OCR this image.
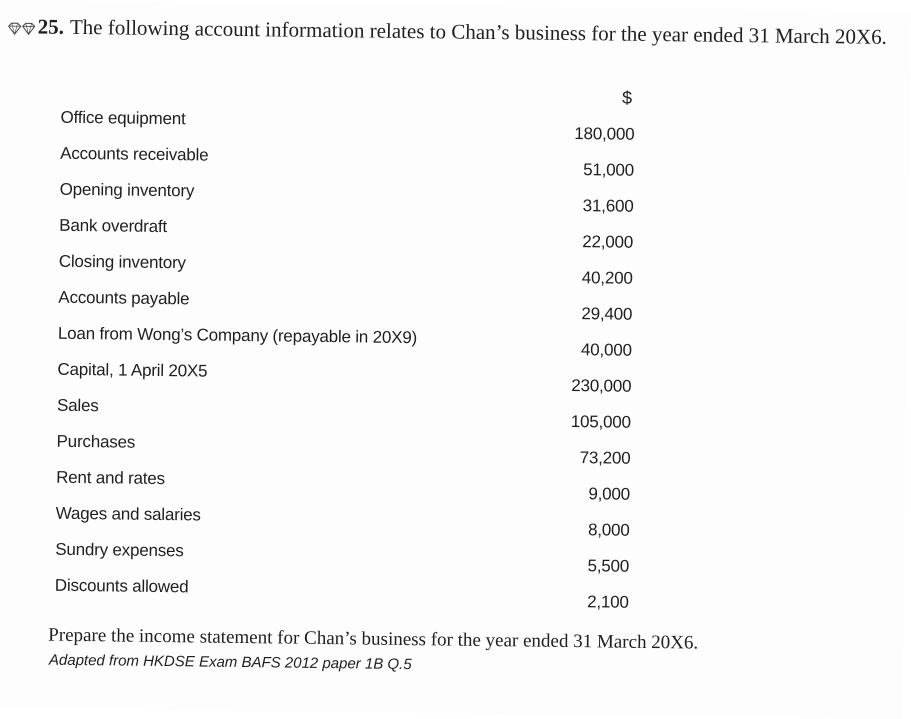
25. The following account information relates to Chan’s business for the year ended 31 March 20X6.
$
Office equipment
180,000
Accounts receivable
51,000
Opening inventory
31,600
Bank overdraft
22,000
Closing inventory
40,200
Accounts payable
29,400
Loan from Wong’s Company (repayable in 20X9)
40,000
Capital, 1 April 20X5
230,000
Sales
105,000
Purchases
73,200
Rent and rates
9,000
Wages and salaries
8,000
Sundry expenses
5,500
Discounts allowed
2,100
Prepare the income statement for Chan’s business for the year ended 31 March 20X6.
Adapted from HKDSE Exam BAFS 2012 paper 1B Q.5
